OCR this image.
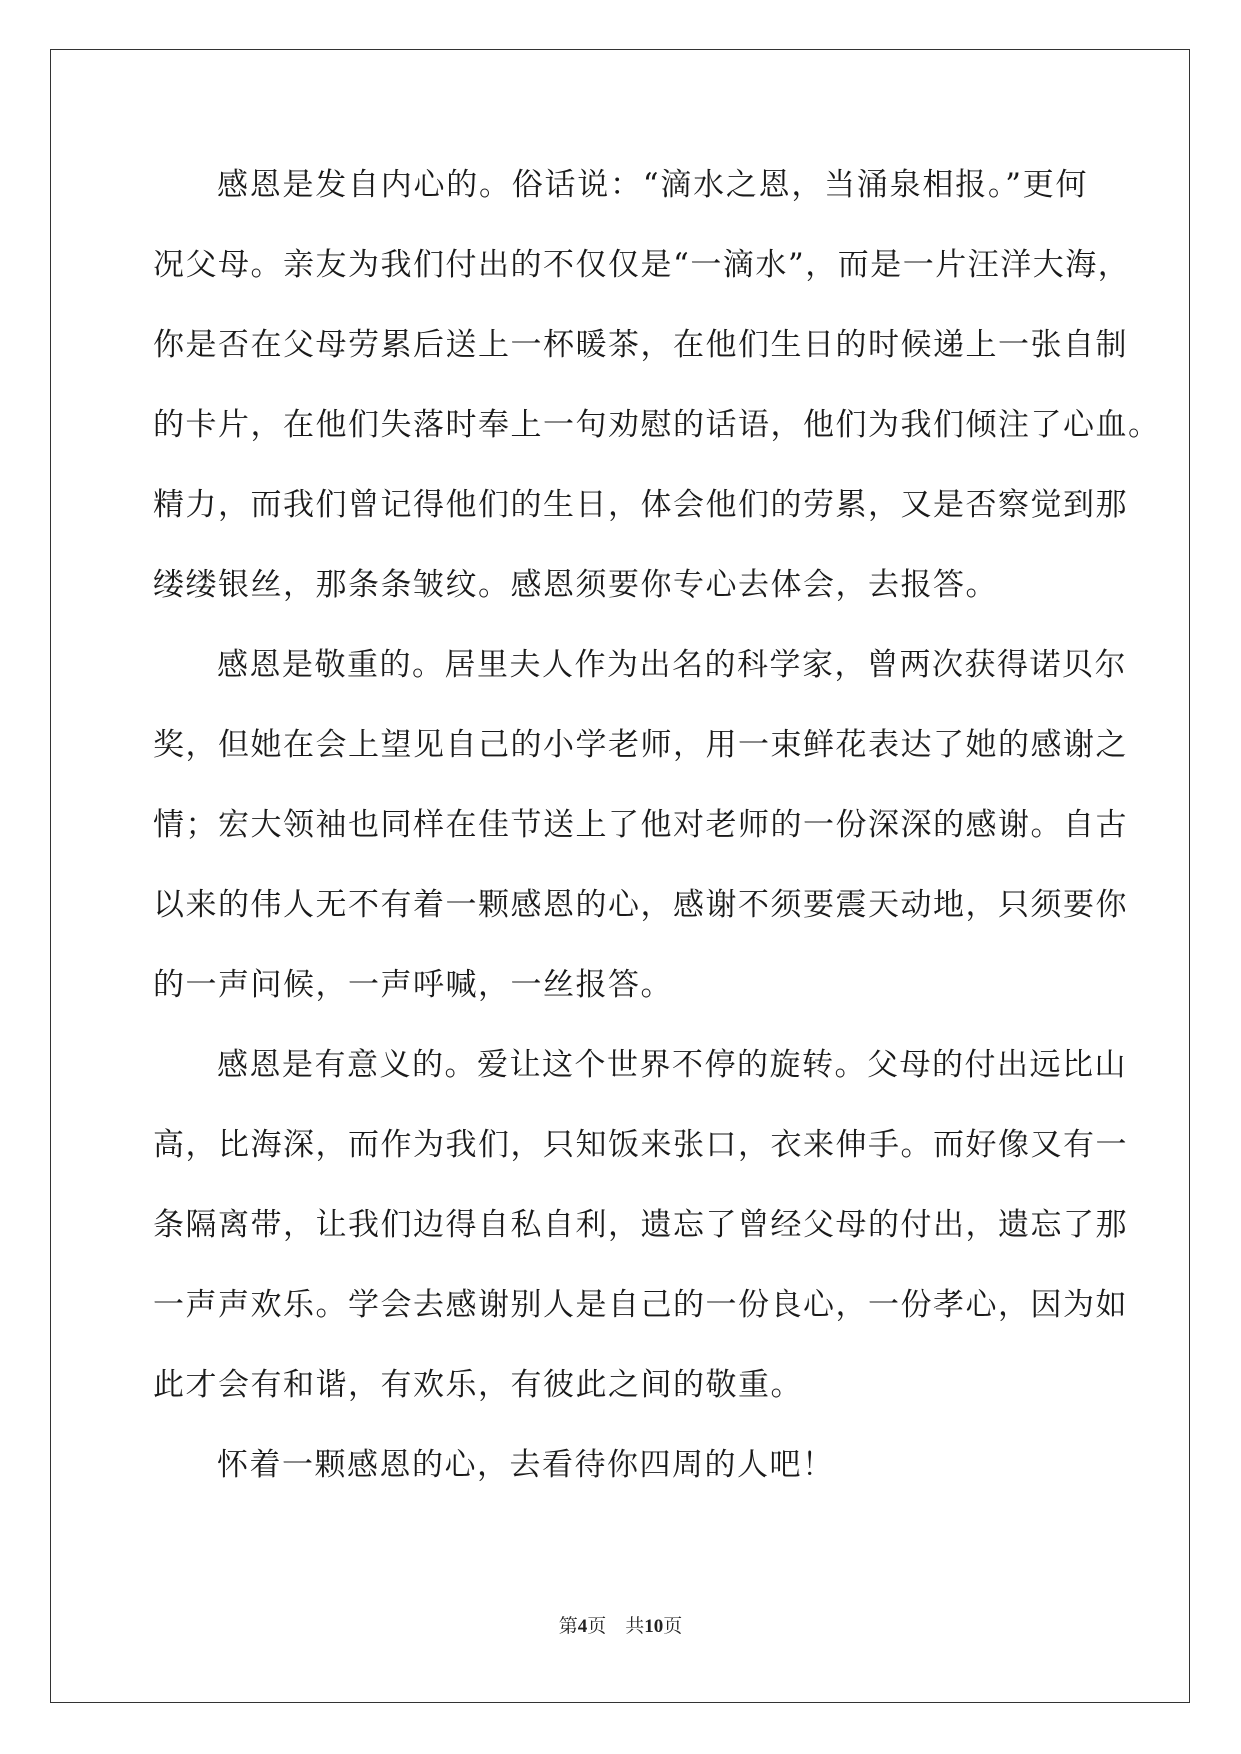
感恩是发自内心的。俗话说：“滴水之恩，当涌泉相报。”更何
况父母。亲友为我们付出的不仅仅是“一滴水”，而是一片汪洋大海，
你是否在父母劳累后送上一杯暖茶，在他们生日的时候递上一张自制
的卡片，在他们失落时奉上一句劝慰的话语，他们为我们倾注了心血。
精力，而我们曾记得他们的生日，体会他们的劳累，又是否察觉到那
缕缕银丝，那条条皱纹。感恩须要你专心去体会，去报答。
感恩是敬重的。居里夫人作为出名的科学家，曾两次获得诺贝尔
奖，但她在会上望见自己的小学老师，用一束鲜花表达了她的感谢之
情；宏大领袖也同样在佳节送上了他对老师的一份深深的感谢。自古
以来的伟人无不有着一颗感恩的心，感谢不须要震天动地，只须要你
的一声问候，一声呼喊，一丝报答。
感恩是有意义的。爱让这个世界不停的旋转。父母的付出远比山
高，比海深，而作为我们，只知饭来张口，衣来伸手。而好像又有一
条隔离带，让我们边得自私自利，遗忘了曾经父母的付出，遗忘了那
一声声欢乐。学会去感谢别人是自己的一份良心，一份孝心，因为如
此才会有和谐，有欢乐，有彼此之间的敬重。
怀着一颗感恩的心，去看待你四周的人吧！
第4页 共10页
